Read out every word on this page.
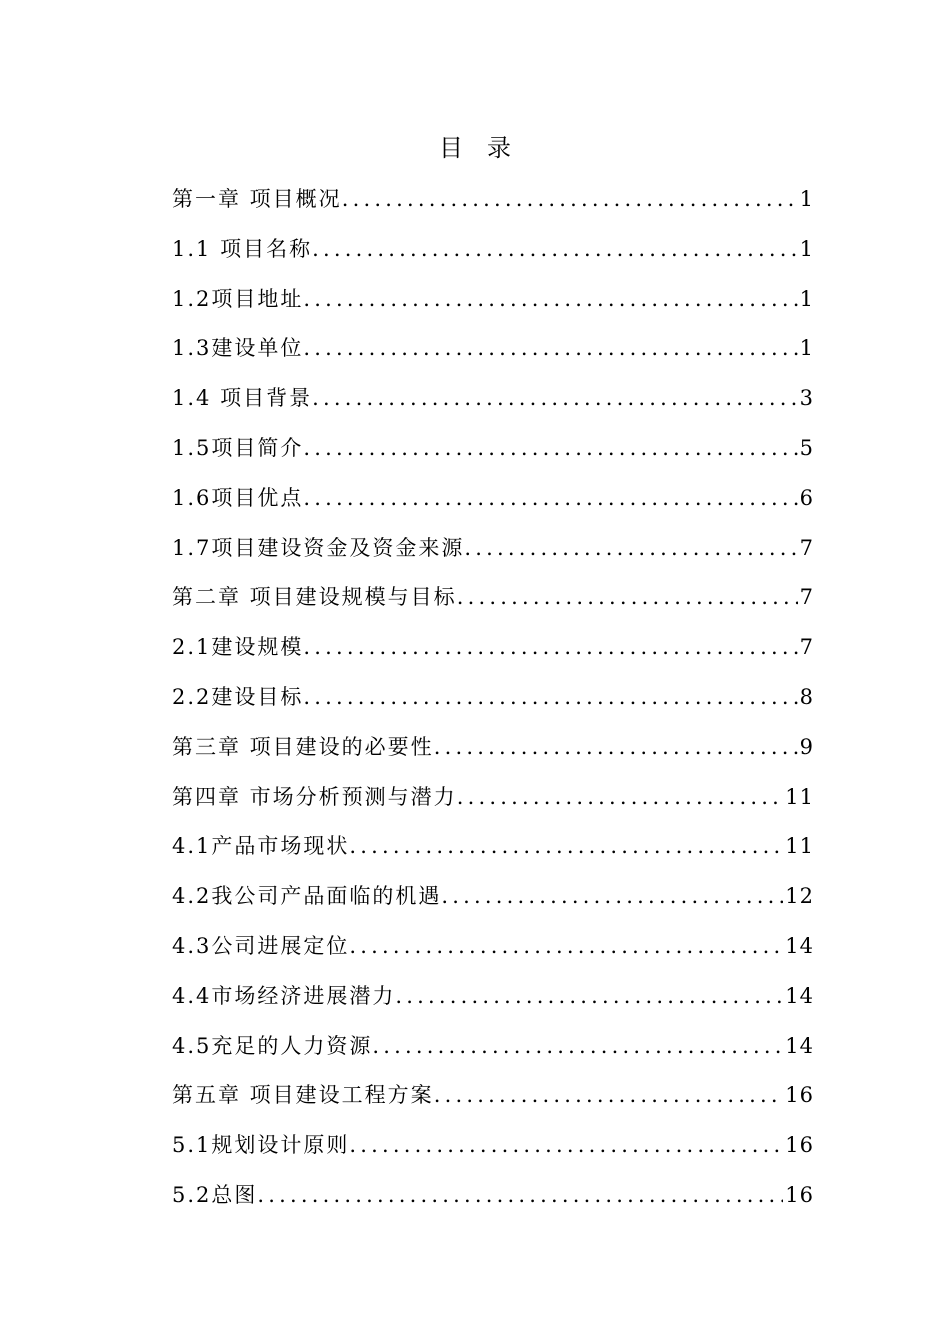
目 录
第一章 项目概况 .....	1
1.1 项目名称 .....	1
1.2项目地址 .....	1
1.3建设单位 .....	1
1.4 项目背景 .....	3
1.5项目简介 .....	5
1.6项目优点 .....	6
1.7项目建设资金及资金来源 .....	7
第二章 项目建设规模与目标 .....	7
2.1建设规模 .....	7
2.2建设目标 .....	8
第三章 项目建设的必要性 .....	9
第四章 市场分析预测与潜力 .....	11
4.1产品市场现状 .....	11
4.2我公司产品面临的机遇 .....	12
4.3公司进展定位 .....	14
4.4市场经济进展潜力 .....	14
4.5充足的人力资源 .....	14
第五章 项目建设工程方案 .....	16
5.1规划设计原则 .....	16
5.2总图 .....	16
